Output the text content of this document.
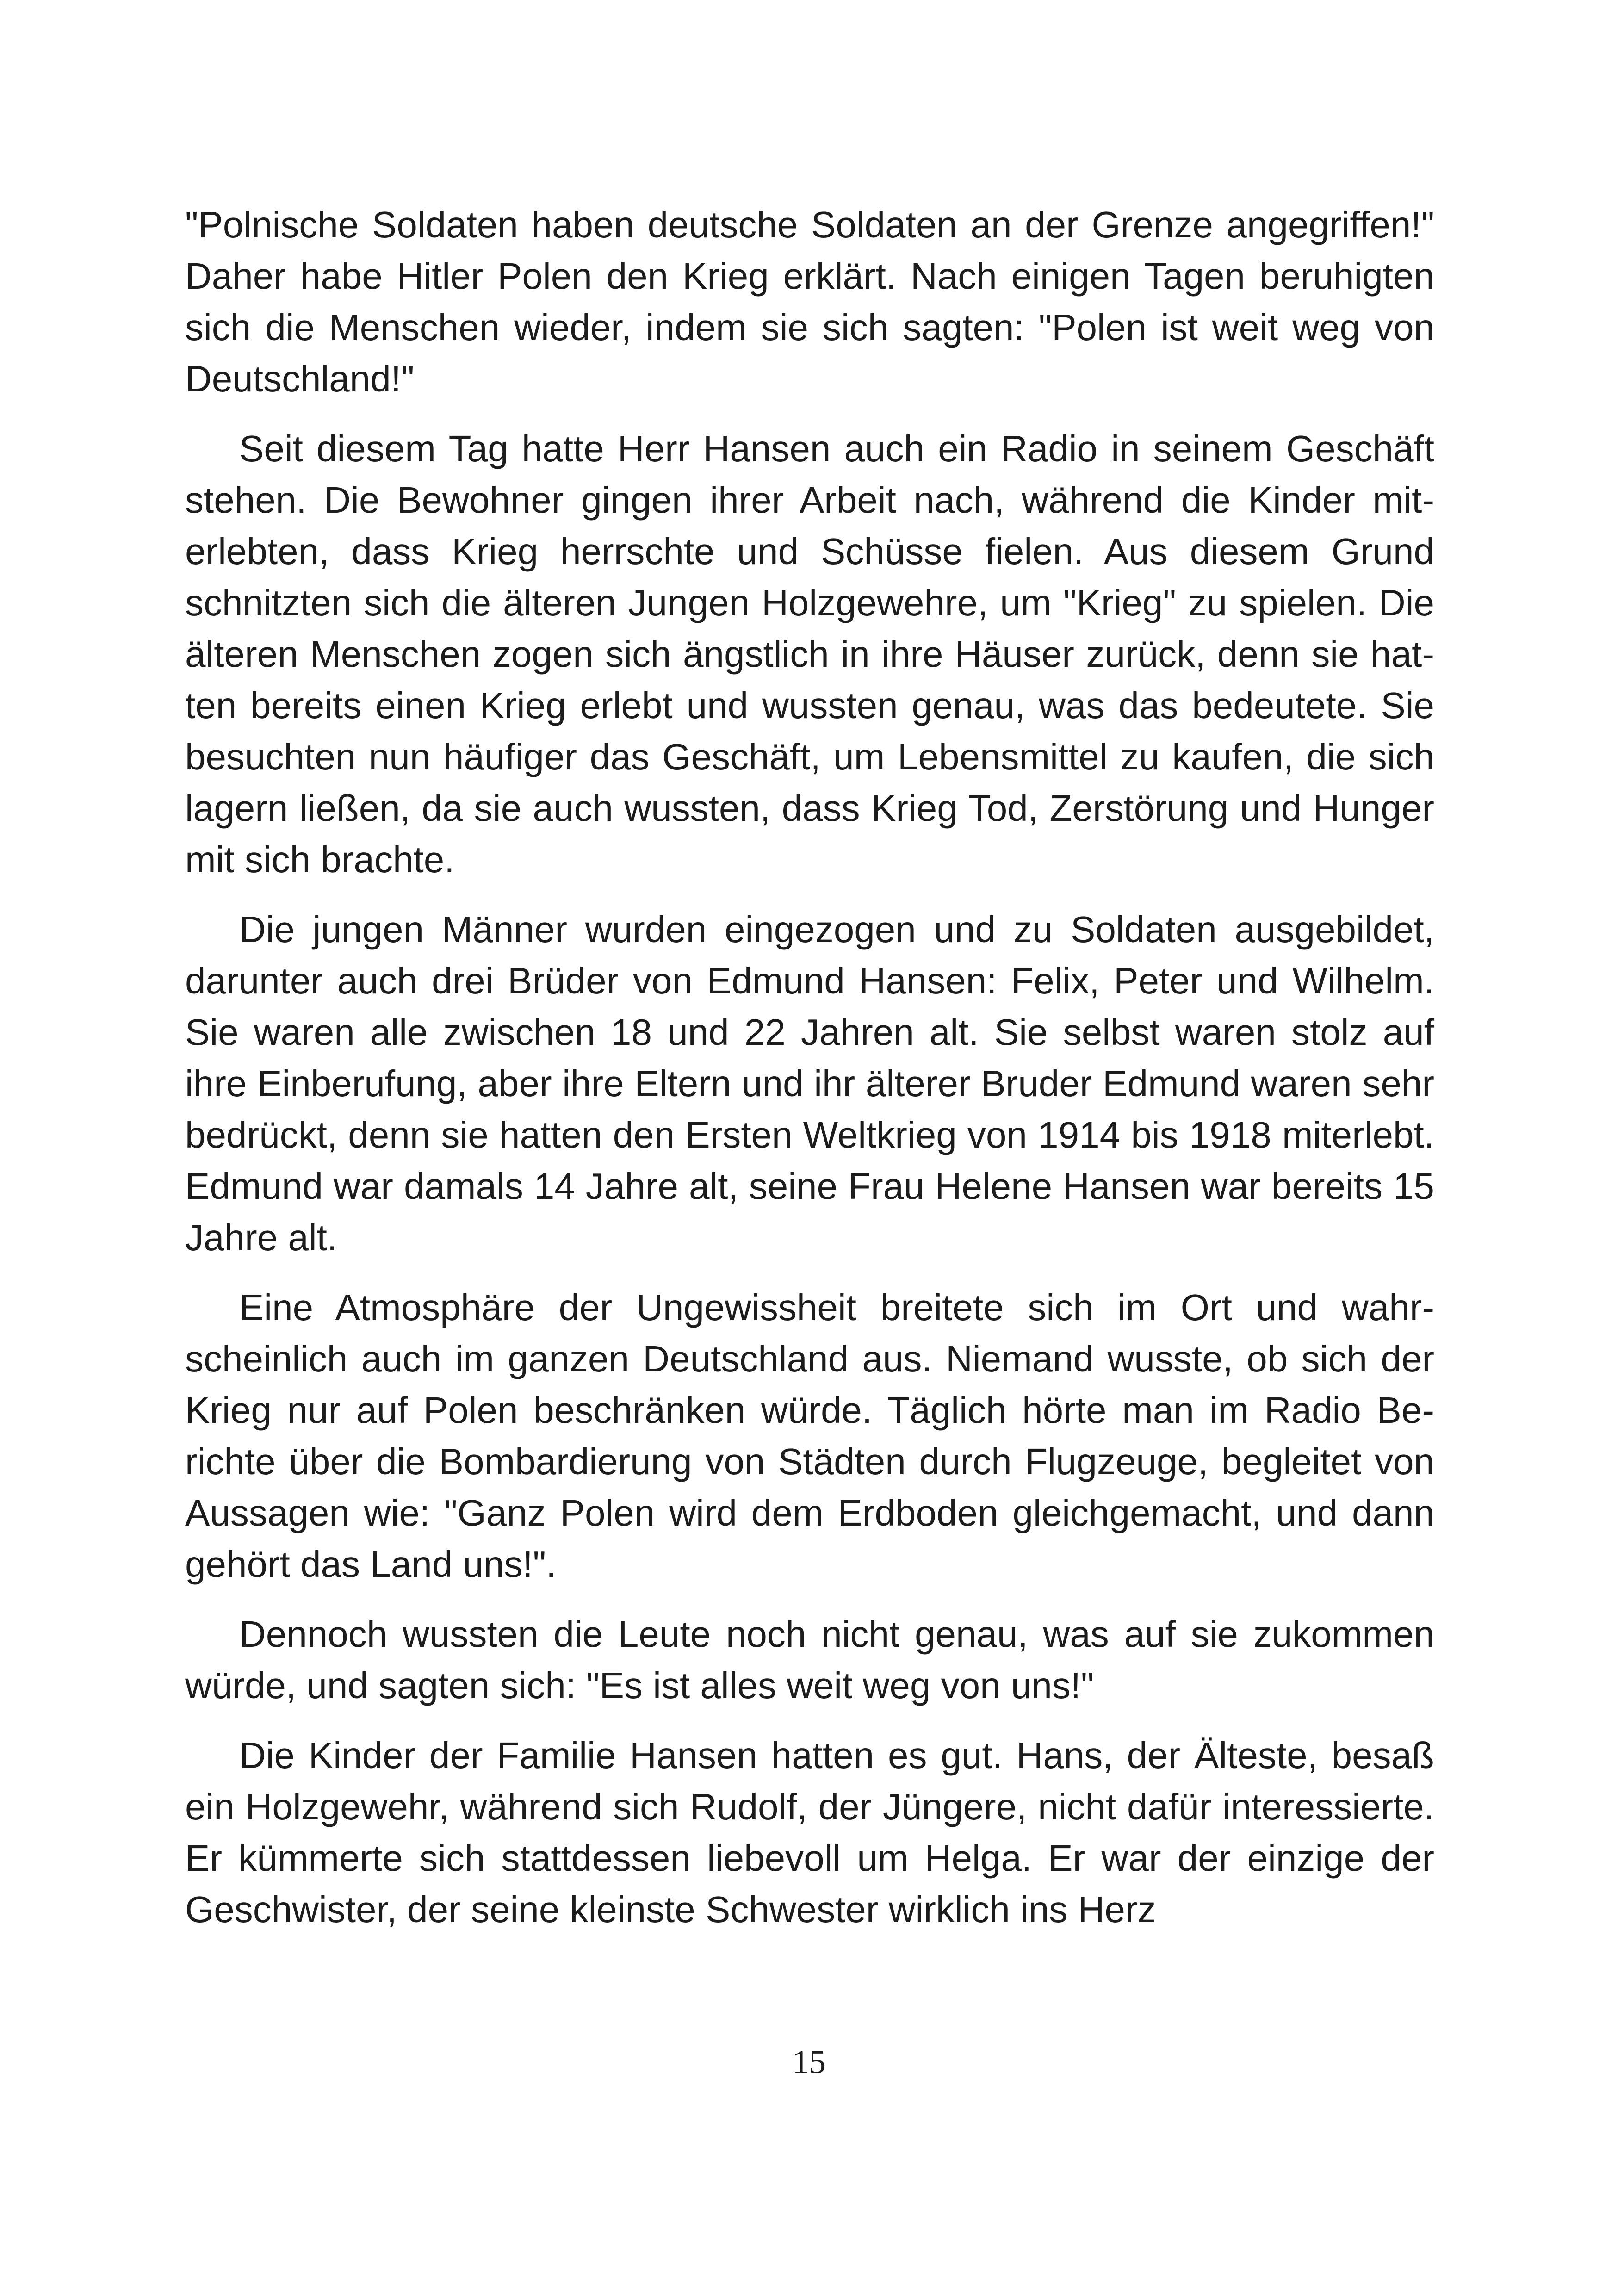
"Polnische Soldaten haben deutsche Soldaten an der Grenze angegriffen!" Daher habe Hitler Polen den Krieg erklärt. Nach einigen Tagen beruhigten sich die Menschen wieder, indem sie sich sagten: "Polen ist weit weg von Deutschland!"

Seit diesem Tag hatte Herr Hansen auch ein Radio in seinem Geschäft stehen. Die Bewohner gingen ihrer Arbeit nach, während die Kinder miterlebten, dass Krieg herrschte und Schüsse fielen. Aus diesem Grund schnitzten sich die älteren Jungen Holzgewehre, um "Krieg" zu spielen. Die älteren Menschen zogen sich ängstlich in ihre Häuser zurück, denn sie hatten bereits einen Krieg erlebt und wussten genau, was das bedeutete. Sie besuchten nun häufiger das Geschäft, um Lebensmittel zu kaufen, die sich lagern ließen, da sie auch wussten, dass Krieg Tod, Zerstörung und Hunger mit sich brachte.

Die jungen Männer wurden eingezogen und zu Soldaten ausgebildet, darunter auch drei Brüder von Edmund Hansen: Felix, Peter und Wilhelm. Sie waren alle zwischen 18 und 22 Jahren alt. Sie selbst waren stolz auf ihre Einberufung, aber ihre Eltern und ihr älterer Bruder Edmund waren sehr bedrückt, denn sie hatten den Ersten Weltkrieg von 1914 bis 1918 miterlebt. Edmund war damals 14 Jahre alt, seine Frau Helene Hansen war bereits 15 Jahre alt.

Eine Atmosphäre der Ungewissheit breitete sich im Ort und wahrscheinlich auch im ganzen Deutschland aus. Niemand wusste, ob sich der Krieg nur auf Polen beschränken würde. Täglich hörte man im Radio Berichte über die Bombardierung von Städten durch Flugzeuge, begleitet von Aussagen wie: "Ganz Polen wird dem Erdboden gleichgemacht, und dann gehört das Land uns!".

Dennoch wussten die Leute noch nicht genau, was auf sie zukommen würde, und sagten sich: "Es ist alles weit weg von uns!"

Die Kinder der Familie Hansen hatten es gut. Hans, der Älteste, besaß ein Holzgewehr, während sich Rudolf, der Jüngere, nicht dafür interessierte. Er kümmerte sich stattdessen liebevoll um Helga. Er war der einzige der Geschwister, der seine kleinste Schwester wirklich ins Herz

15
